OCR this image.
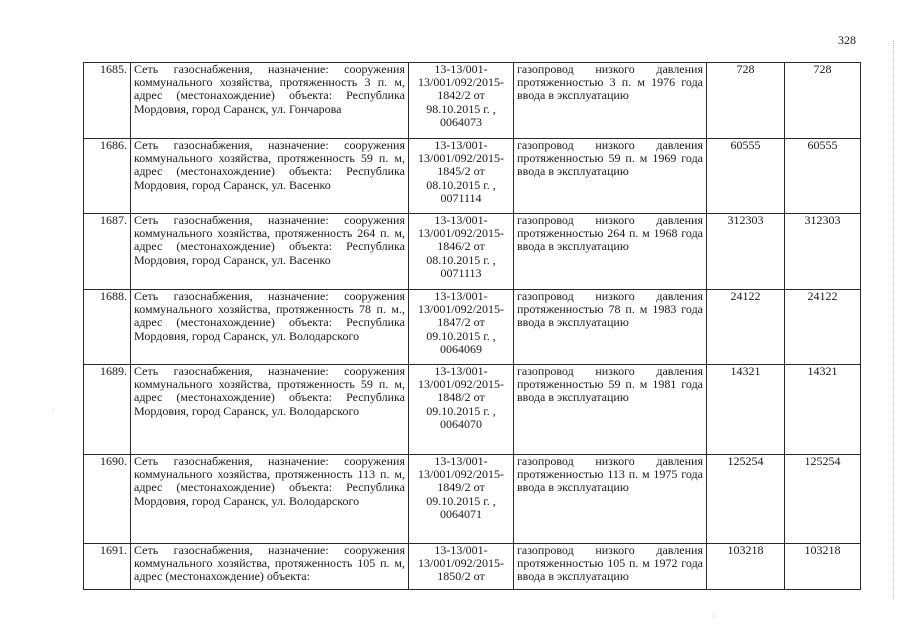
328
·
·
1685.	Сеть газоснабжения, назначение: сооружения коммунального хозяйства, протяженность 3 п. м, адрес (местонахождение) объекта: Республика Мордовия, город Саранск, ул. Гончарова	13-13/001-13/001/092/2015-1842/2 от 98.10.2015 г. , 0064073	газопровод низкого давления протяженностью 3 п. м 1976 года ввода в эксплуатацию	728	728
1686.	Сеть газоснабжения, назначение: сооружения коммунального хозяйства, протяженность 59 п. м, адрес (местонахождение) объекта: Республика Мордовия, город Саранск, ул. Васенко	13-13/001-13/001/092/2015-1845/2 от 08.10.2015 г. , 0071114	газопровод низкого давления протяженностью 59 п. м 1969 года ввода в эксплуатацию	60555	60555
1687.	Сеть газоснабжения, назначение: сооружения коммунального хозяйства, протяженность 264 п. м, адрес (местонахождение) объекта: Республика Мордовия, город Саранск, ул. Васенко	13-13/001-13/001/092/2015-1846/2 от 08.10.2015 г. , 0071113	газопровод низкого давления протяженностью 264 п. м 1968 года ввода в эксплуатацию	312303	312303
1688.	Сеть газоснабжения, назначение: сооружения коммунального хозяйства, протяженность 78 п. м., адрес (местонахождение) объекта: Республика Мордовия, город Саранск, ул. Володарского	13-13/001-13/001/092/2015-1847/2 от 09.10.2015 г. , 0064069	газопровод низкого давления протяженностью 78 п. м 1983 года ввода в эксплуатацию	24122	24122
1689.	Сеть газоснабжения, назначение: сооружения коммунального хозяйства, протяженность 59 п. м, адрес (местонахождение) объекта: Республика Мордовия, город Саранск, ул. Володарского	13-13/001-13/001/092/2015-1848/2 от 09.10.2015 г. , 0064070	газопровод низкого давления протяженностью 59 п. м 1981 года ввода в эксплуатацию	14321	14321
1690.	Сеть газоснабжения, назначение: сооружения коммунального хозяйства, протяженность 113 п. м, адрес (местонахождение) объекта: Республика Мордовия, город Саранск, ул. Володарского	13-13/001-13/001/092/2015-1849/2 от 09.10.2015 г. , 0064071	газопровод низкого давления протяженностью 113 п. м 1975 года ввода в эксплуатацию	125254	125254
1691.	Сеть газоснабжения, назначение: сооружения коммунального хозяйства, протяженность 105 п. м, адрес (местонахождение) объекта:	13-13/001-13/001/092/2015-1850/2 от	газопровод низкого давления протяженностью 105 п. м 1972 года ввода в эксплуатацию	103218	103218
